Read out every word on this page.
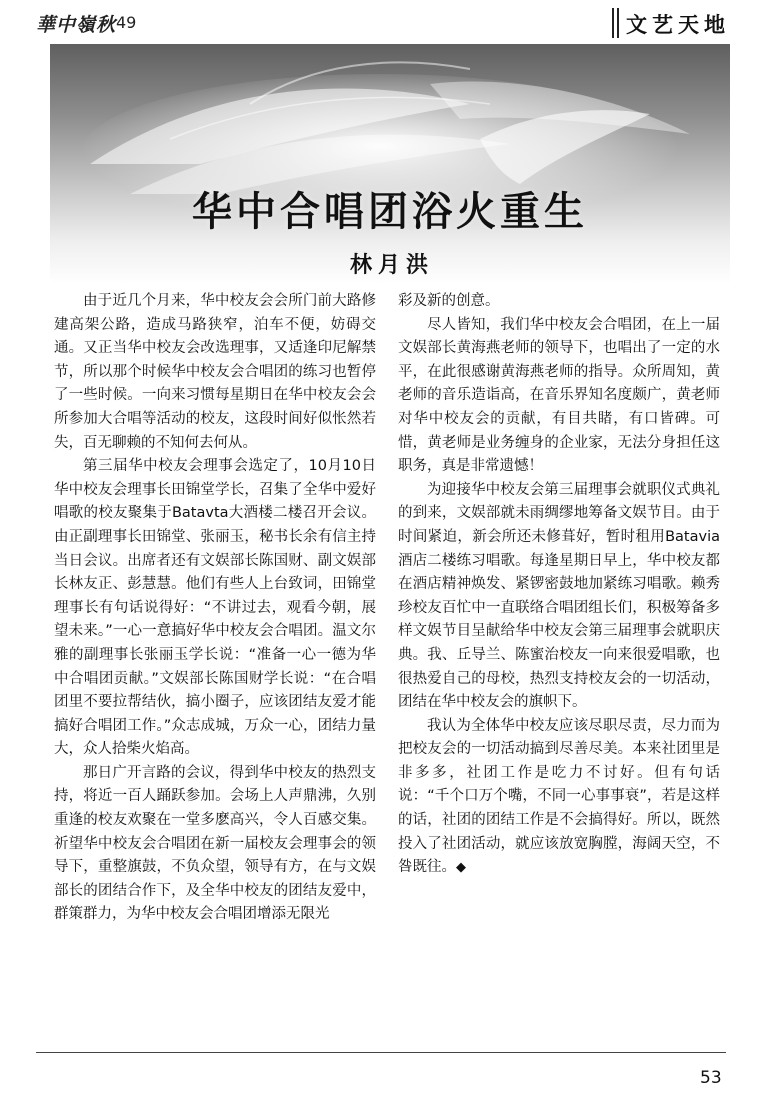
華中嶺秋 49	文艺天地
华中合唱团浴火重生
林月洪

由于近几个月来，华中校友会会所门前大路修建高架公路，造成马路狭窄，泊车不便，妨碍交通。又正当华中校友会改选理事，又适逢印尼解禁节，所以那个时候华中校友会合唱团的练习也暂停了一些时候。一向来习惯每星期日在华中校友会会所参加大合唱等活动的校友，这段时间好似怅然若失，百无聊赖的不知何去何从。

第三届华中校友会理事会选定了，10月10日华中校友会理事长田锦堂学长，召集了全华中爱好唱歌的校友聚集于Batavta大酒楼二楼召开会议。由正副理事长田锦堂、张丽玉，秘书长余有信主持当日会议。出席者还有文娱部长陈国财、副文娱部长林友正、彭慧慧。他们有些人上台致词，田锦堂理事长有句话说得好：“不讲过去，观看今朝，展望未来。”一心一意搞好华中校友会合唱团。温文尔雅的副理事长张丽玉学长说：“准备一心一德为华中合唱团贡献。”文娱部长陈国财学长说：“在合唱团里不要拉帮结伙，搞小圈子，应该团结友爱才能搞好合唱团工作。”众志成城，万众一心，团结力量大，众人拾柴火焰高。

那日广开言路的会议，得到华中校友的热烈支持，将近一百人踊跃参加。会场上人声鼎沸，久别重逢的校友欢聚在一堂多麽高兴，令人百感交集。祈望华中校友会合唱团在新一届校友会理事会的领导下，重整旗鼓，不负众望，领导有方，在与文娱部长的团结合作下，及全华中校友的团结友爱中，群策群力，为华中校友会合唱团增添无限光

彩及新的创意。

尽人皆知，我们华中校友会合唱团，在上一届文娱部长黄海燕老师的领导下，也唱出了一定的水平，在此很感谢黄海燕老师的指导。众所周知，黄老师的音乐造诣高，在音乐界知名度颇广，黄老师对华中校友会的贡献，有目共睹，有口皆碑。可惜，黄老师是业务缠身的企业家，无法分身担任这职务，真是非常遗憾！

为迎接华中校友会第三届理事会就职仪式典礼的到来，文娱部就未雨绸缪地筹备文娱节目。由于时间紧迫，新会所还未修葺好，暂时租用Batavia酒店二楼练习唱歌。每逢星期日早上，华中校友都在酒店精神焕发、紧锣密鼓地加紧练习唱歌。赖秀珍校友百忙中一直联络合唱团组长们，积极筹备多样文娱节目呈献给华中校友会第三届理事会就职庆典。我、丘导兰、陈蜜治校友一向来很爱唱歌，也很热爱自己的母校，热烈支持校友会的一切活动，团结在华中校友会的旗帜下。

我认为全体华中校友应该尽职尽责，尽力而为把校友会的一切活动搞到尽善尽美。本来社团里是非多多，社团工作是吃力不讨好。但有句话说：“千个口万个嘴，不同一心事事衰”，若是这样的话，社团的团结工作是不会搞得好。所以，既然投入了社团活动，就应该放宽胸膛，海阔天空，不咎既往。◆

53
